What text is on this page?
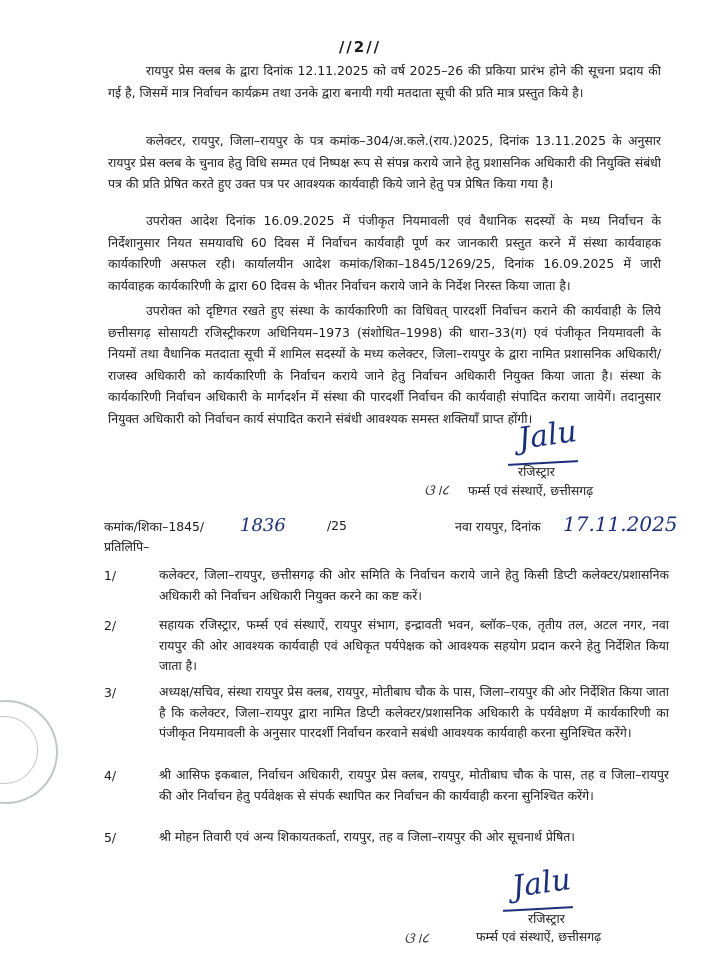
//2//

रायपुर प्रेस क्लब के द्वारा दिनांक 12.11.2025 को वर्ष 2025–26 की प्रकिया प्रारंभ होने की सूचना प्रदाय की गई है, जिसमें मात्र निर्वाचन कार्यक्रम तथा उनके द्वारा बनायी गयी मतदाता सूची की प्रति मात्र प्रस्तुत किये है।

कलेक्टर, रायपुर, जिला–रायपुर के पत्र कमांक–304/अ.कले.(राय.)2025, दिनांक 13.11.2025 के अनुसार रायपुर प्रेस क्लब के चुनाव हेतु विधि सम्मत एवं निष्पक्ष रूप से संपन्न कराये जाने हेतु प्रशासनिक अधिकारी की नियुक्ति संबंधी पत्र की प्रति प्रेषित करते हुए उक्त पत्र पर आवश्यक कार्यवाही किये जाने हेतु पत्र प्रेषित किया गया है।

उपरोक्त आदेश दिनांक 16.09.2025 में पंजीकृत नियमावली एवं वैधानिक सदस्यों के मध्य निर्वाचन के निर्देशानुसार नियत समयावधि 60 दिवस में निर्वाचन कार्यवाही पूर्ण कर जानकारी प्रस्तुत करने में संस्था कार्यवाहक कार्यकारिणी असफल रही। कार्यालयीन आदेश कमांक/शिका–1845/1269/25, दिनांक 16.09.2025 में जारी कार्यवाहक कार्यकारिणी के द्वारा 60 दिवस के भीतर निर्वाचन कराये जाने के निर्देश निरस्त किया जाता है।

उपरोक्त को दृष्टिगत रखते हुए संस्था के कार्यकारिणी का विधिवत् पारदर्शी निर्वाचन कराने की कार्यवाही के लिये छत्तीसगढ़ सोसायटी रजिस्ट्रीकरण अधिनियम–1973 (संशोधित–1998) की धारा–33(ग) एवं पंजीकृत नियमावली के नियमों तथा वैधानिक मतदाता सूची में शामिल सदस्यों के मध्य कलेक्टर, जिला–रायपुर के द्वारा नामित प्रशासनिक अधिकारी/राजस्व अधिकारी को कार्यकारिणी के निर्वाचन कराये जाने हेतु निर्वाचन अधिकारी नियुक्त किया जाता है। संस्था के कार्यकारिणी निर्वाचन अधिकारी के मार्गदर्शन में संस्था की पारदर्शी निर्वाचन की कार्यवाही संपादित कराया जायेगें। तदानुसार नियुक्त अधिकारी को निर्वाचन कार्य संपादित कराने संबंधी आवश्यक समस्त शक्तियॉं प्राप्त होंगी।

Jalu
रजिस्ट्रार
ଓ।८ फर्म्स एवं संस्थाऐं, छत्तीसगढ़
कमांक/शिका–1845/ 1836	/25	नवा रायपुर, दिनांक 17.11.2025
प्रतिलिपि–
1/	कलेक्टर, जिला–रायपुर, छत्तीसगढ़ की ओर समिति के निर्वाचन कराये जाने हेतु किसी डिप्टी कलेक्टर/प्रशासनिक अधिकारी को निर्वाचन अधिकारी नियुक्त करने का कष्ट करें।

2/	सहायक रजिस्ट्रार, फर्म्स एवं संस्थाऐं, रायपुर संभाग, इन्द्रावती भवन, ब्लॉक–एक, तृतीय तल, अटल नगर, नवा रायपुर की ओर आवश्यक कार्यवाही एवं अधिकृत पर्यपेक्षक को आवश्यक सहयोग प्रदान करने हेतु निर्देशित किया जाता है।

3/	अध्यक्ष/सचिव, संस्था रायपुर प्रेस क्लब, रायपुर, मोतीबाघ चौक के पास, जिला–रायपुर की ओर निर्देशित किया जाता है कि कलेक्टर, जिला–रायपुर द्वारा नामित डिप्टी कलेक्टर/प्रशासनिक अधिकारी के पर्यवेक्षण में कार्यकारिणी का पंजीकृत नियमावली के अनुसार पारदर्शी निर्वाचन करवाने सबंधी आवश्यक कार्यवाही करना सुनिश्चित करेंगे।

4/	श्री आसिफ इकबाल, निर्वाचन अधिकारी, रायपुर प्रेस क्लब, रायपुर, मोतीबाघ चौक के पास, तह व जिला–रायपुर की ओर निर्वाचन हेतु पर्यवेक्षक से संपर्क स्थापित कर निर्वाचन की कार्यवाही करना सुनिश्चित करेंगे।

5/	श्री मोहन तिवारी एवं अन्य शिकायतकर्ता, रायपुर, तह व जिला–रायपुर की ओर सूचनार्थ प्रेषित।

Jalu
रजिस्ट्रार
ଓ।८	फर्म्स एवं संस्थाऐं, छत्तीसगढ़
